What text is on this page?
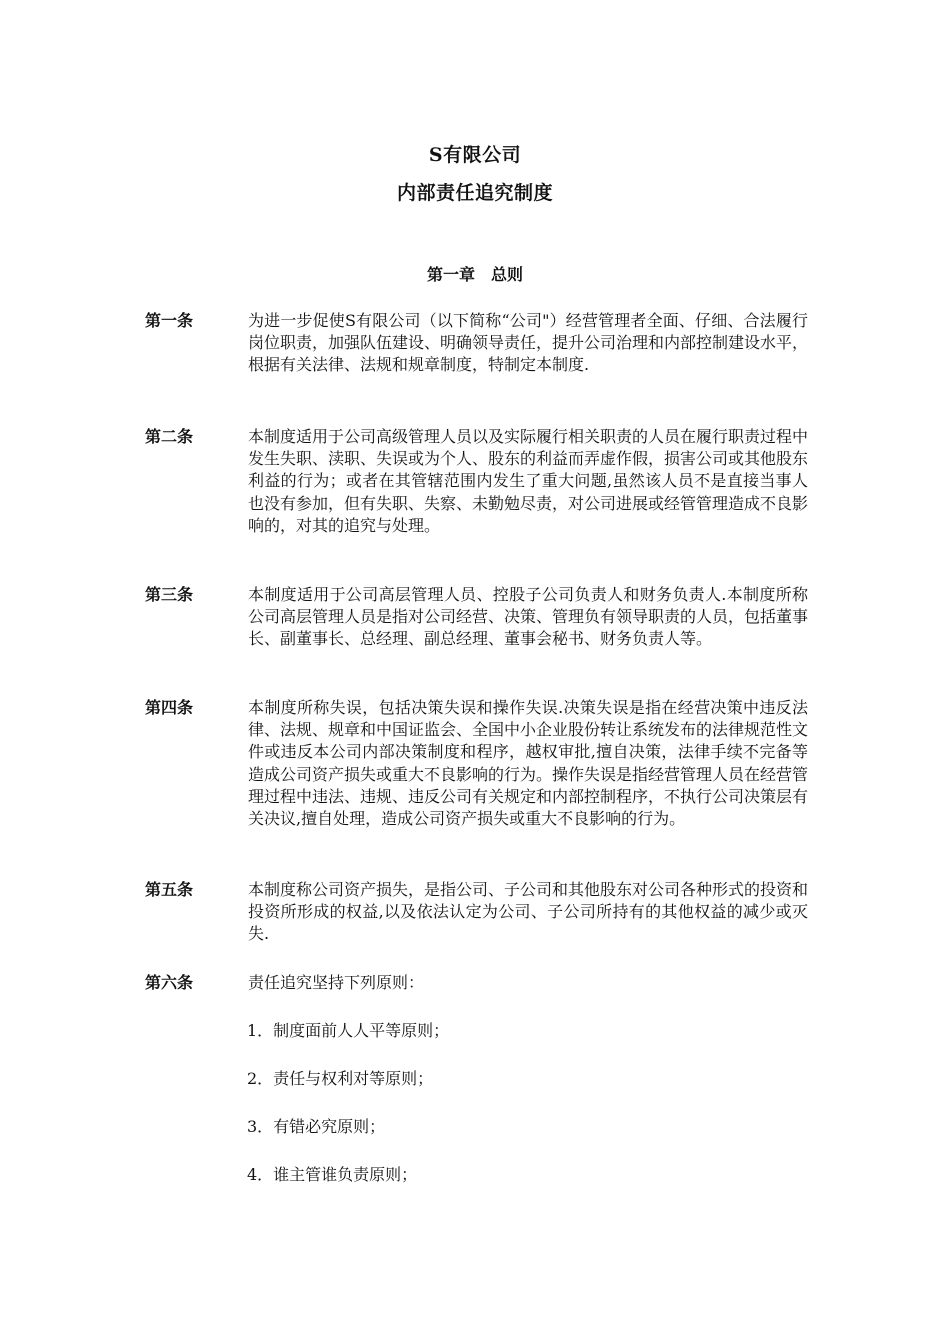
S有限公司
内部责任追究制度
第一章　总则
第一条	为进一步促使S有限公司（以下简称“公司"）经营管理者全面、仔细、合法履行岗位职责，加强队伍建设、明确领导责任，提升公司治理和内部控制建设水平，根据有关法律、法规和规章制度，特制定本制度.
第二条	本制度适用于公司高级管理人员以及实际履行相关职责的人员在履行职责过程中发生失职、渎职、失误或为个人、股东的利益而弄虚作假，损害公司或其他股东利益的行为；或者在其管辖范围内发生了重大问题,虽然该人员不是直接当事人也没有参加，但有失职、失察、未勤勉尽责，对公司进展或经管管理造成不良影响的，对其的追究与处理。
第三条	本制度适用于公司高层管理人员、控股子公司负责人和财务负责人.本制度所称公司高层管理人员是指对公司经营、决策、管理负有领导职责的人员，包括董事长、副董事长、总经理、副总经理、董事会秘书、财务负责人等。
第四条	本制度所称失误，包括决策失误和操作失误.决策失误是指在经营决策中违反法律、法规、规章和中国证监会、全国中小企业股份转让系统发布的法律规范性文件或违反本公司内部决策制度和程序，越权审批,擅自决策，法律手续不完备等造成公司资产损失或重大不良影响的行为。操作失误是指经营管理人员在经营管理过程中违法、违规、违反公司有关规定和内部控制程序，不执行公司决策层有关决议,擅自处理，造成公司资产损失或重大不良影响的行为。
第五条	本制度称公司资产损失，是指公司、子公司和其他股东对公司各种形式的投资和投资所形成的权益,以及依法认定为公司、子公司所持有的其他权益的减少或灭失.
第六条	责任追究坚持下列原则：
1．制度面前人人平等原则；
2．责任与权利对等原则；
3．有错必究原则；
4．谁主管谁负责原则；
